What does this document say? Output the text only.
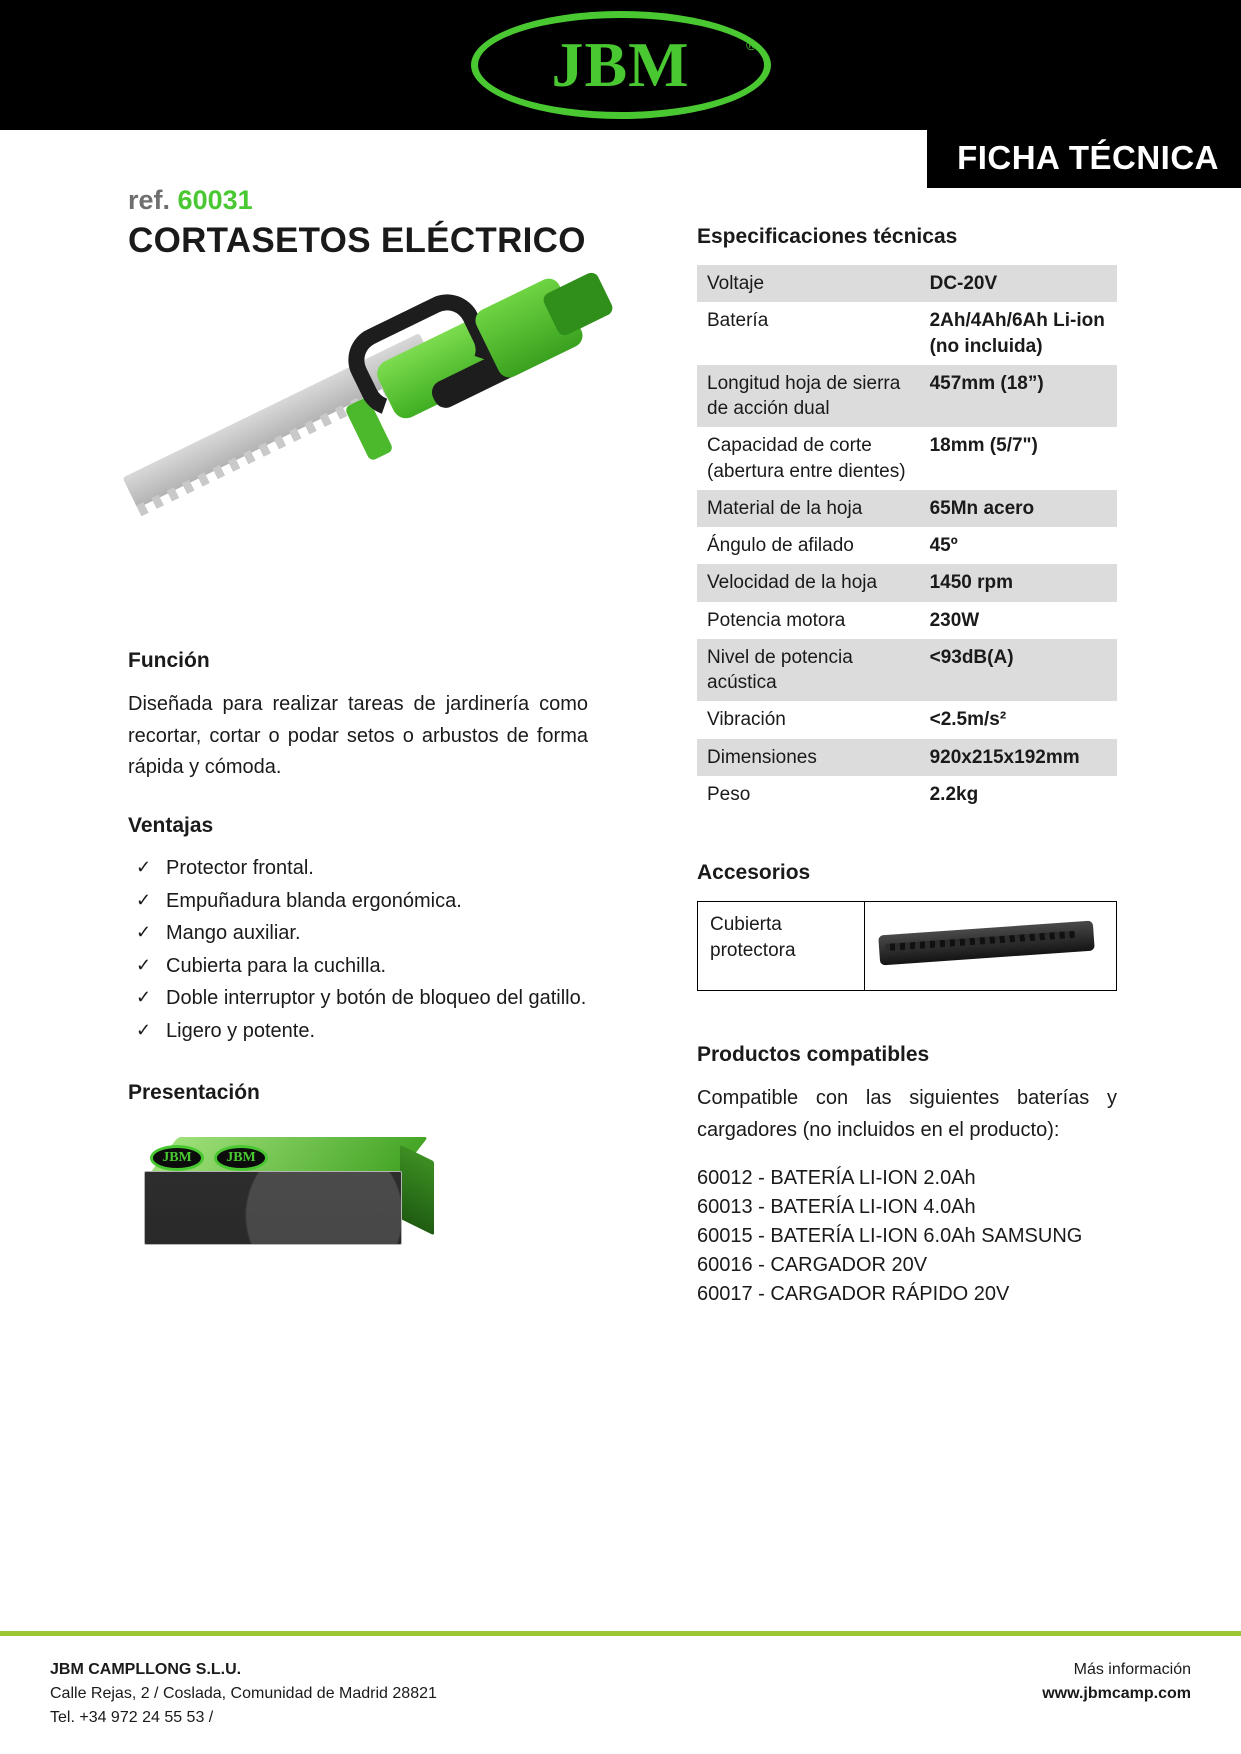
JBM	®
FICHA TÉCNICA
ref. 60031
CORTASETOS ELÉCTRICO
Función

Diseñada para realizar tareas de jardinería como recortar, cortar o podar setos o arbustos de forma rápida y cómoda.

Ventajas
✓ Protector frontal.
✓ Empuñadura blanda ergonómica.
✓ Mango auxiliar.
✓ Cubierta para la cuchilla.
✓ Doble interruptor y botón de bloqueo del gatillo.
✓ Ligero y potente.
Presentación
JBM	JBM
Especificaciones técnicas
Voltaje	DC-20V
Batería	2Ah/4Ah/6Ah Li-ion (no incluida)
Longitud hoja de sierra de acción dual	457mm (18”)
Capacidad de corte (abertura entre dientes)	18mm (5/7")
Material de la hoja	65Mn acero
Ángulo de afilado	45º
Velocidad de la hoja	1450 rpm
Potencia motora	230W
Nivel de potencia acústica	<93dB(A)
Vibración	<2.5m/s²
Dimensiones	920x215x192mm
Peso	2.2kg
Accesorios
Cubierta protectora
Productos compatibles

Compatible con las siguientes baterías y cargadores (no incluidos en el producto):

60012 - BATERÍA LI-ION 2.0Ah
60013 - BATERÍA LI-ION 4.0Ah
60015 - BATERÍA LI-ION 6.0Ah SAMSUNG
60016 - CARGADOR 20V
60017 - CARGADOR RÁPIDO 20V
JBM CAMPLLONG S.L.U.
Calle Rejas, 2 / Coslada, Comunidad de Madrid 28821
Tel. +34 972 24 55 53 /
Más información
www.jbmcamp.com
